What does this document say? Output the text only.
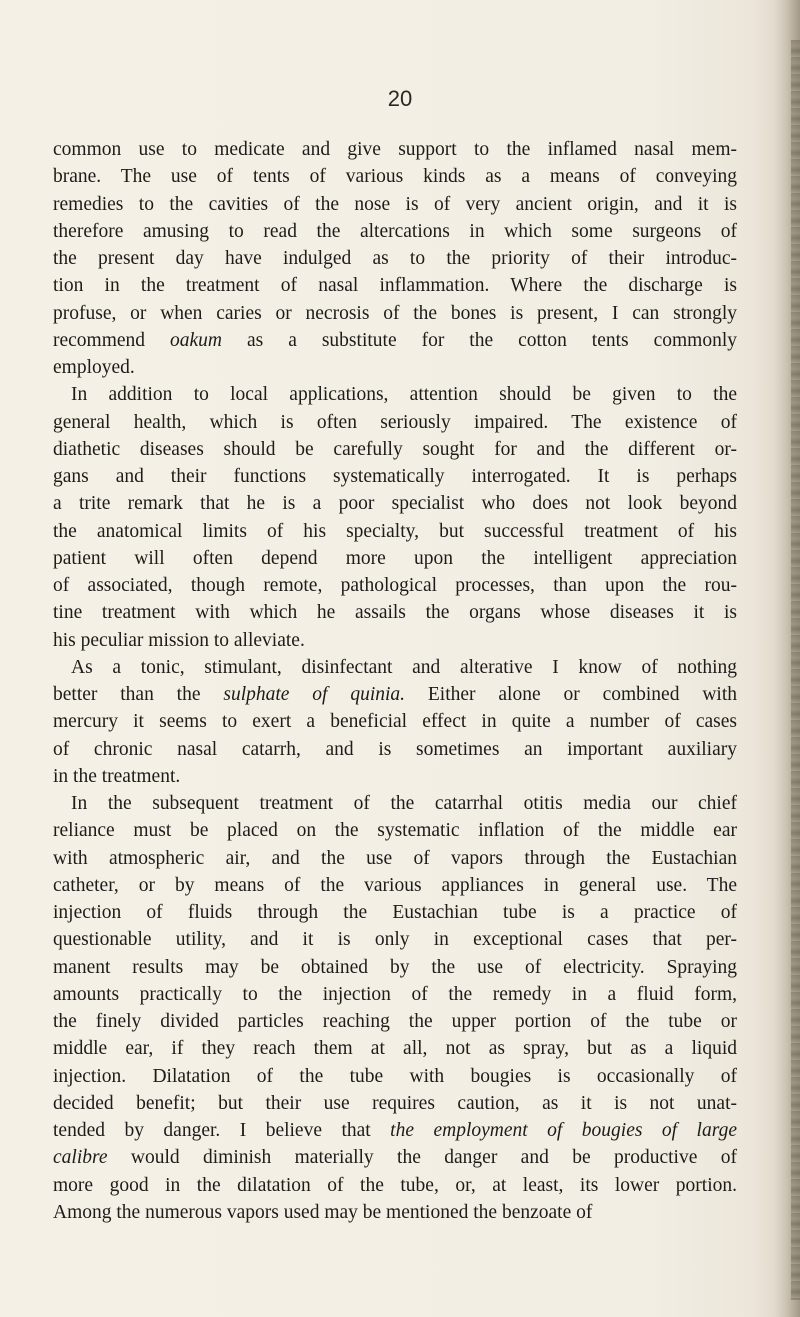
20
common use to medicate and give support to the inflamed nasal mem-
brane. The use of tents of various kinds as a means of conveying
remedies to the cavities of the nose is of very ancient origin, and it is
therefore amusing to read the altercations in which some surgeons of
the present day have indulged as to the priority of their introduc-
tion in the treatment of nasal inflammation. Where the discharge is
profuse, or when caries or necrosis of the bones is present, I can strongly
recommend oakum as a substitute for the cotton tents commonly
employed.
In addition to local applications, attention should be given to the
general health, which is often seriously impaired. The existence of
diathetic diseases should be carefully sought for and the different or-
gans and their functions systematically interrogated. It is perhaps
a trite remark that he is a poor specialist who does not look beyond
the anatomical limits of his specialty, but successful treatment of his
patient will often depend more upon the intelligent appreciation
of associated, though remote, pathological processes, than upon the rou-
tine treatment with which he assails the organs whose diseases it is
his peculiar mission to alleviate.
As a tonic, stimulant, disinfectant and alterative I know of nothing
better than the sulphate of quinia. Either alone or combined with
mercury it seems to exert a beneficial effect in quite a number of cases
of chronic nasal catarrh, and is sometimes an important auxiliary
in the treatment.
In the subsequent treatment of the catarrhal otitis media our chief
reliance must be placed on the systematic inflation of the middle ear
with atmospheric air, and the use of vapors through the Eustachian
catheter, or by means of the various appliances in general use. The
injection of fluids through the Eustachian tube is a practice of
questionable utility, and it is only in exceptional cases that per-
manent results may be obtained by the use of electricity. Spraying
amounts practically to the injection of the remedy in a fluid form,
the finely divided particles reaching the upper portion of the tube or
middle ear, if they reach them at all, not as spray, but as a liquid
injection. Dilatation of the tube with bougies is occasionally of
decided benefit; but their use requires caution, as it is not unat-
tended by danger. I believe that the employment of bougies of large
calibre would diminish materially the danger and be productive of
more good in the dilatation of the tube, or, at least, its lower portion.
Among the numerous vapors used may be mentioned the benzoate of
